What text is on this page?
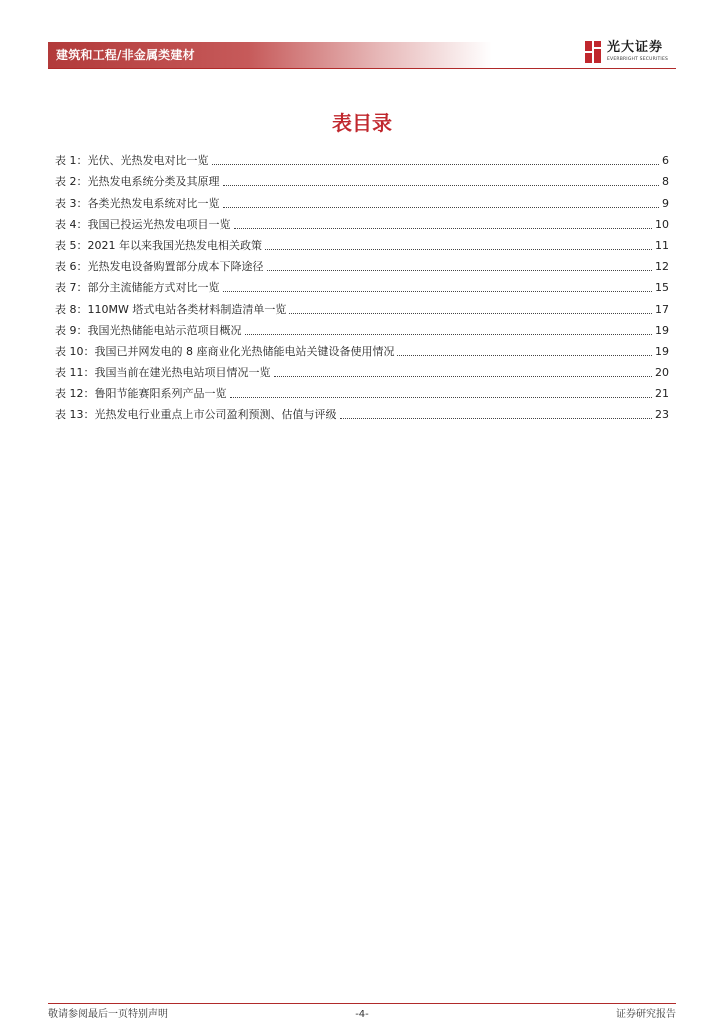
建筑和工程/非金属类建材	光大证券
EVERBRIGHT SECURITIES
表目录
表 1：光伏、光热发电对比一览	6
表 2：光热发电系统分类及其原理	8
表 3：各类光热发电系统对比一览	9
表 4：我国已投运光热发电项目一览	10
表 5：2021 年以来我国光热发电相关政策	11
表 6：光热发电设备购置部分成本下降途径	12
表 7：部分主流储能方式对比一览	15
表 8：110MW 塔式电站各类材料制造清单一览	17
表 9：我国光热储能电站示范项目概况	19
表 10：我国已并网发电的 8 座商业化光热储能电站关键设备使用情况	19
表 11：我国当前在建光热电站项目情况一览	20
表 12：鲁阳节能赛阳系列产品一览	21
表 13：光热发电行业重点上市公司盈利预测、估值与评级	23
敬请参阅最后一页特别声明	-4-	证券研究报告
